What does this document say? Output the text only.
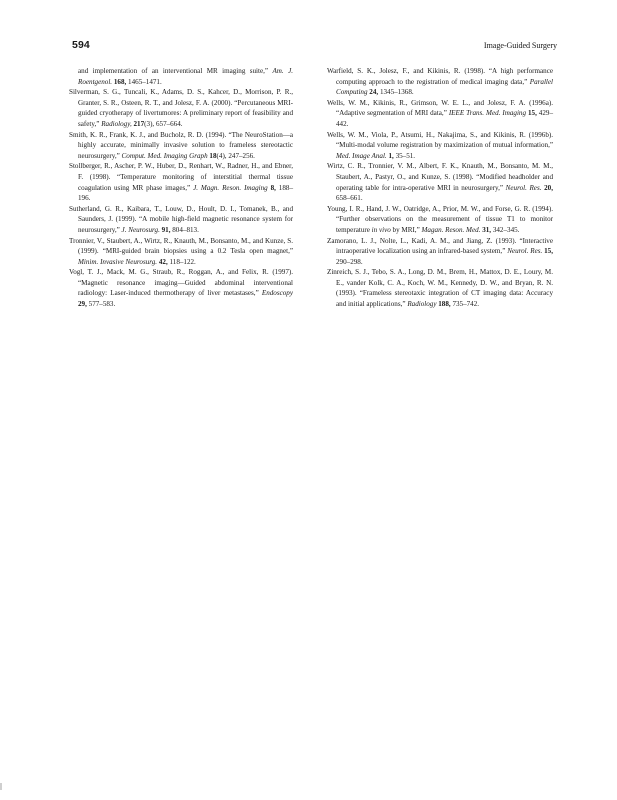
594	Image-Guided Surgery

and implementation of an interventional MR imaging suite,” Am. J. Roentgenol. 168, 1465–1471.

Silverman, S. G., Tuncali, K., Adams, D. S., Kahcer, D., Morrison, P. R., Granter, S. R., Osteen, R. T., and Jolesz, F. A. (2000). “Percutaneous MRI-guided cryotherapy of livertumores: A preliminary report of feasibility and safety,” Radiology, 217(3), 657–664.

Smith, K. R., Frank, K. J., and Bucholz, R. D. (1994). “The NeuroStation—a highly accurate, minimally invasive solution to frameless stereotactic neurosurgery,” Comput. Med. Imaging Graph 18(4), 247–256.

Stollberger, R., Ascher, P. W., Huber, D., Renhart, W., Radner, H., and Ebner, F. (1998). “Temperature monitoring of interstitial thermal tissue coagulation using MR phase images,” J. Magn. Reson. Imaging 8, 188–196.

Sutherland, G. R., Kaibara, T., Louw, D., Hoult, D. I., Tomanek, B., and Saunders, J. (1999). “A mobile high-field magnetic resonance system for neurosurgery,” J. Neurosurg. 91, 804–813.

Tronnier, V., Staubert, A., Wirtz, R., Knauth, M., Bonsanto, M., and Kunze, S. (1999). “MRI-guided brain biopsies using a 0.2 Tesla open magnet,” Minim. Invasive Neurosurg. 42, 118–122.

Vogl, T. J., Mack, M. G., Straub, R., Roggan, A., and Felix, R. (1997). “Magnetic resonance imaging—Guided abdominal interventional radiology: Laser-induced thermotherapy of liver metastases,” Endoscopy 29, 577–583.

Warfield, S. K., Jolesz, F., and Kikinis, R. (1998). “A high performance computing approach to the registration of medical imaging data,” Parallel Computing 24, 1345–1368.

Wells, W. M., Kikinis, R., Grimson, W. E. L., and Jolesz, F. A. (1996a). “Adaptive segmentation of MRI data,” IEEE Trans. Med. Imaging 15, 429–442.

Wells, W. M., Viola, P., Atsumi, H., Nakajima, S., and Kikinis, R. (1996b). “Multi-modal volume registration by maximization of mutual information,” Med. Image Anal. 1, 35–51.

Wirtz, C. R., Tronnier, V. M., Albert, F. K., Knauth, M., Bonsanto, M. M., Staubert, A., Pastyr, O., and Kunze, S. (1998). “Modified headholder and operating table for intra-operative MRI in neurosurgery,” Neurol. Res. 20, 658–661.

Young, I. R., Hand, J. W., Oatridge, A., Prior, M. W., and Forse, G. R. (1994). “Further observations on the measurement of tissue T1 to monitor temperature in vivo by MRI,” Magan. Reson. Med. 31, 342–345.

Zamorano, L. J., Nolte, L., Kadi, A. M., and Jiang, Z. (1993). “Interactive intraoperative localization using an infrared-based system,” Neurol. Res. 15, 290–298.

Zinreich, S. J., Tebo, S. A., Long, D. M., Brem, H., Mattox, D. E., Loury, M. E., vander Kolk, C. A., Koch, W. M., Kennedy, D. W., and Bryan, R. N. (1993). “Frameless stereotaxic integration of CT imaging data: Accuracy and initial applications,” Radiology 188, 735–742.
